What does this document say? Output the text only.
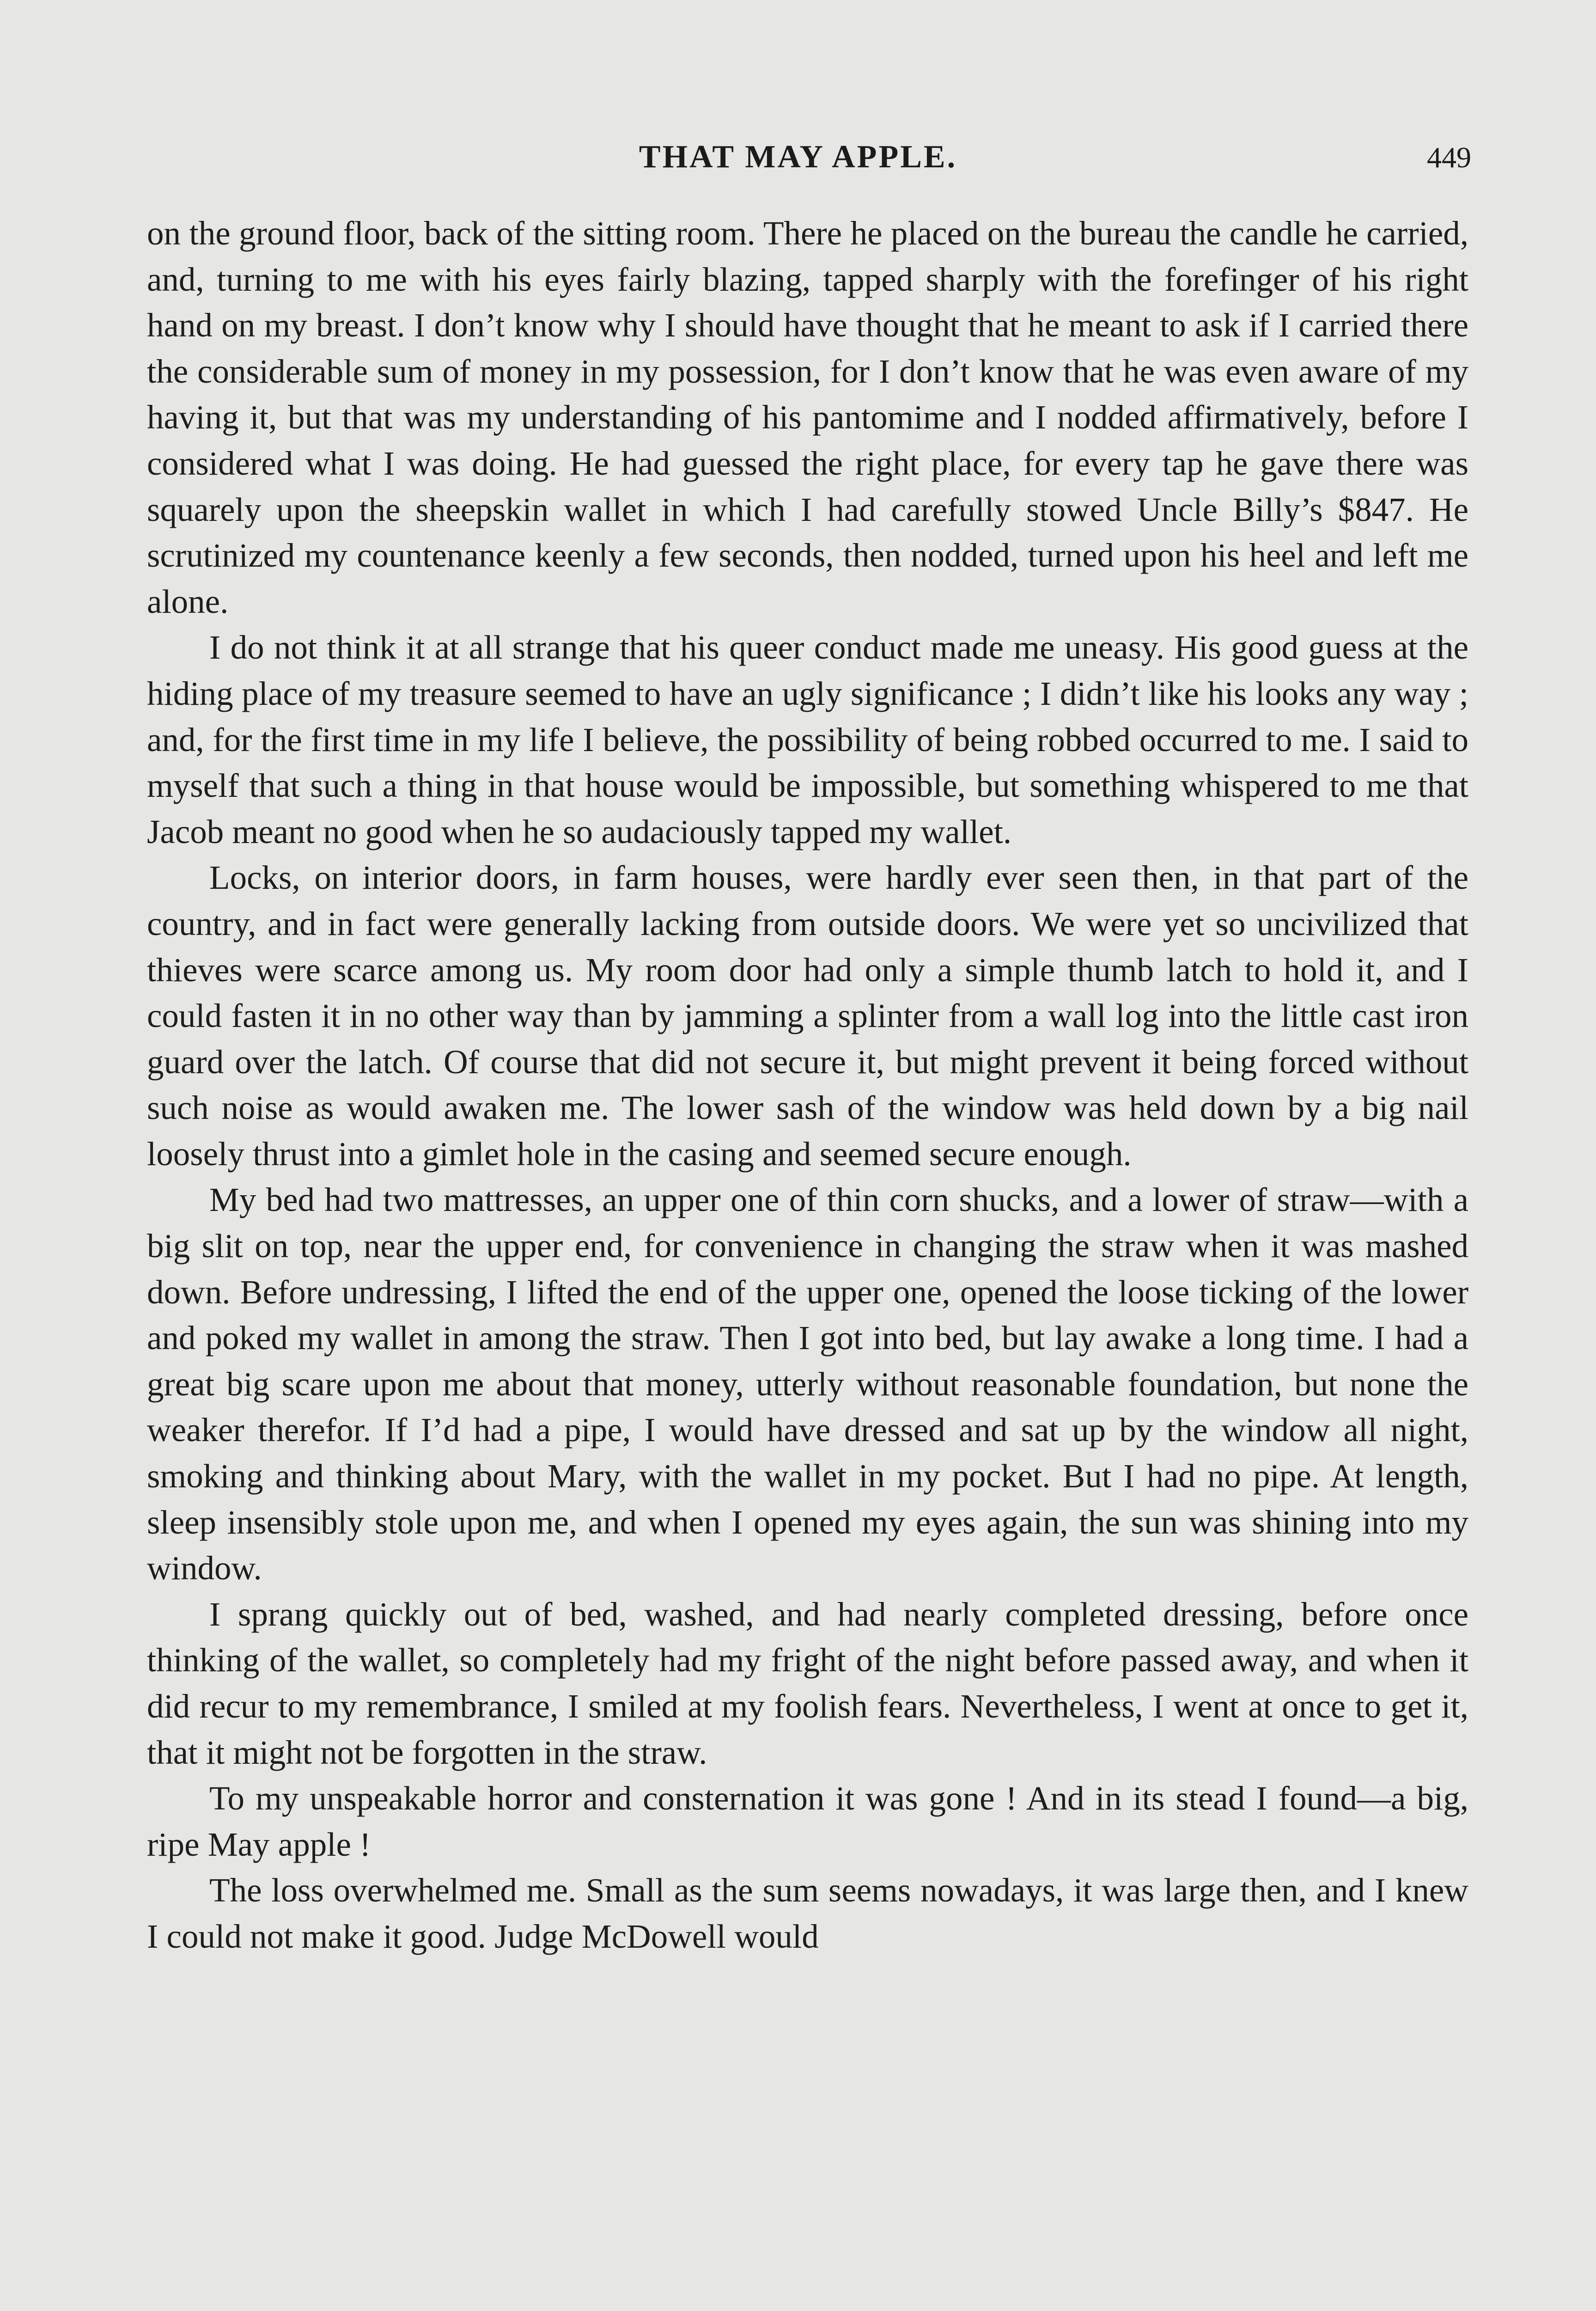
THAT MAY APPLE.	449

on the ground floor, back of the sitting room. There he placed on the bureau the candle he carried, and, turning to me with his eyes fairly blazing, tapped sharply with the forefinger of his right hand on my breast. I don’t know why I should have thought that he meant to ask if I carried there the considerable sum of money in my possession, for I don’t know that he was even aware of my having it, but that was my understanding of his pantomime and I nodded affirmatively, before I considered what I was doing. He had guessed the right place, for every tap he gave there was squarely upon the sheepskin wallet in which I had carefully stowed Uncle Billy’s $847. He scrutinized my countenance keenly a few seconds, then nodded, turned upon his heel and left me alone.

I do not think it at all strange that his queer conduct made me uneasy. His good guess at the hiding place of my treasure seemed to have an ugly significance ; I didn’t like his looks any way ; and, for the first time in my life I believe, the possibility of being robbed occurred to me. I said to myself that such a thing in that house would be impossible, but something whispered to me that Jacob meant no good when he so audaciously tapped my wallet.

Locks, on interior doors, in farm houses, were hardly ever seen then, in that part of the country, and in fact were generally lacking from outside doors. We were yet so uncivilized that thieves were scarce among us. My room door had only a simple thumb latch to hold it, and I could fasten it in no other way than by jamming a splinter from a wall log into the little cast iron guard over the latch. Of course that did not secure it, but might prevent it being forced without such noise as would awaken me. The lower sash of the window was held down by a big nail loosely thrust into a gimlet hole in the casing and seemed secure enough.

My bed had two mattresses, an upper one of thin corn shucks, and a lower of straw––with a big slit on top, near the upper end, for convenience in changing the straw when it was mashed down. Before undressing, I lifted the end of the upper one, opened the loose ticking of the lower and poked my wallet in among the straw. Then I got into bed, but lay awake a long time. I had a great big scare upon me about that money, utterly without reasonable foundation, but none the weaker therefor. If I’d had a pipe, I would have dressed and sat up by the window all night, smoking and thinking about Mary, with the wallet in my pocket. But I had no pipe. At length, sleep insensibly stole upon me, and when I opened my eyes again, the sun was shining into my window.

I sprang quickly out of bed, washed, and had nearly completed dressing, before once thinking of the wallet, so completely had my fright of the night before passed away, and when it did recur to my remembrance, I smiled at my foolish fears. Nevertheless, I went at once to get it, that it might not be forgotten in the straw.

To my unspeakable horror and consternation it was gone ! And in its stead I found—a big, ripe May apple !

The loss overwhelmed me. Small as the sum seems nowadays, it was large then, and I knew I could not make it good. Judge McDowell would
